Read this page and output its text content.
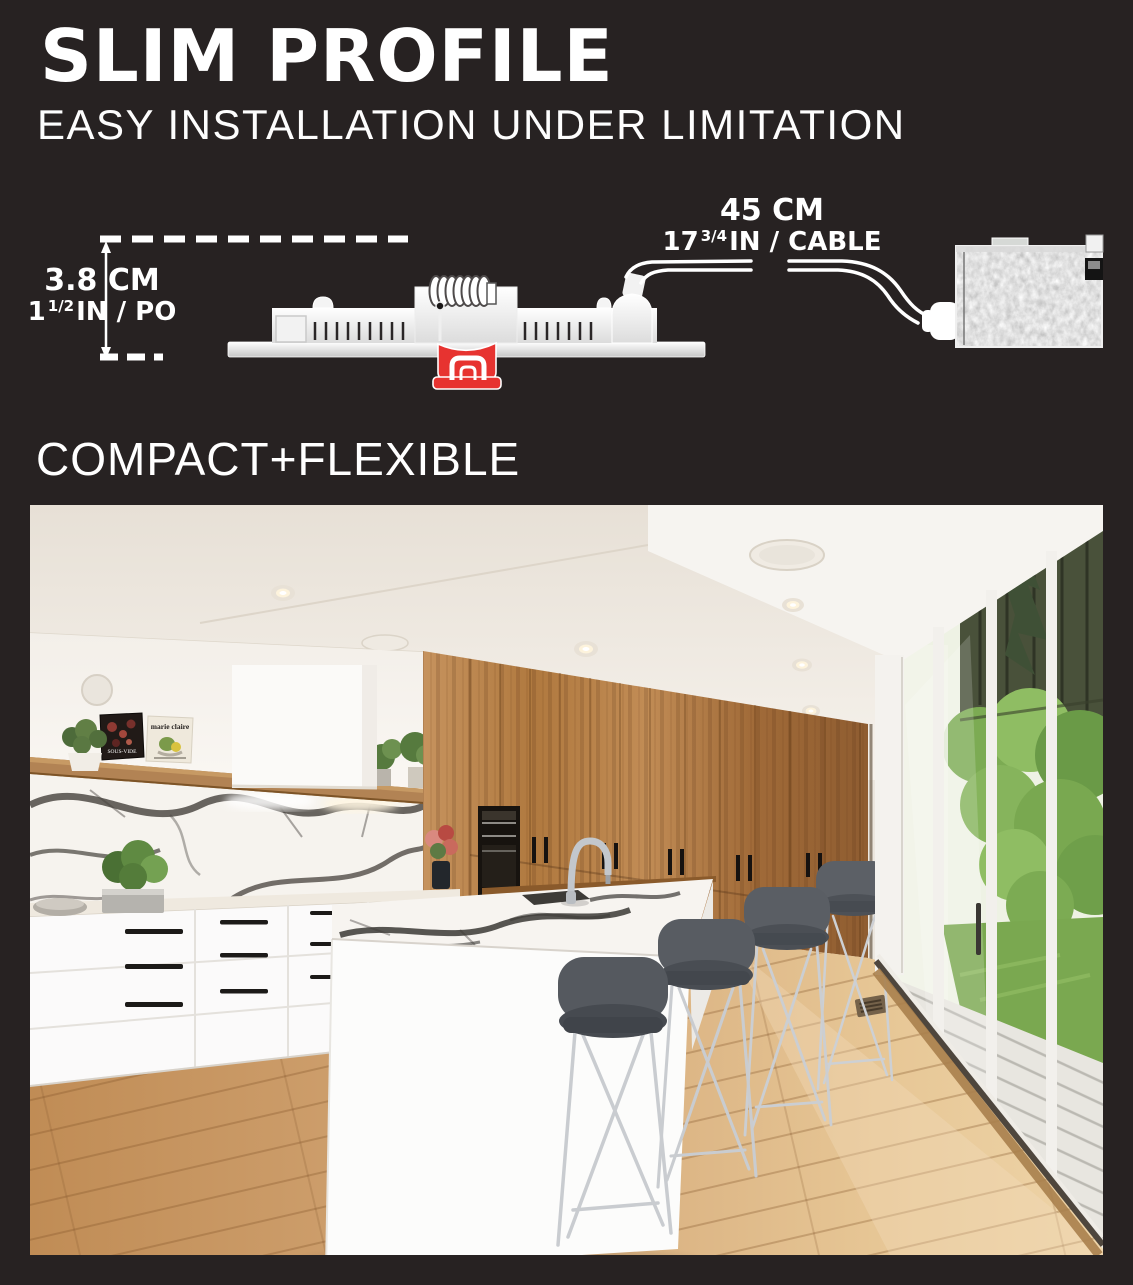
SLIM PROFILE
EASY INSTALLATION UNDER LIMITATION
3.8 CM
1 $^{1/2}$IN / PO
45 CM
17 $^{3/4}$IN / CABLE
COMPACT+FLEXIBLE
SOUS-VIDE
marie claire
